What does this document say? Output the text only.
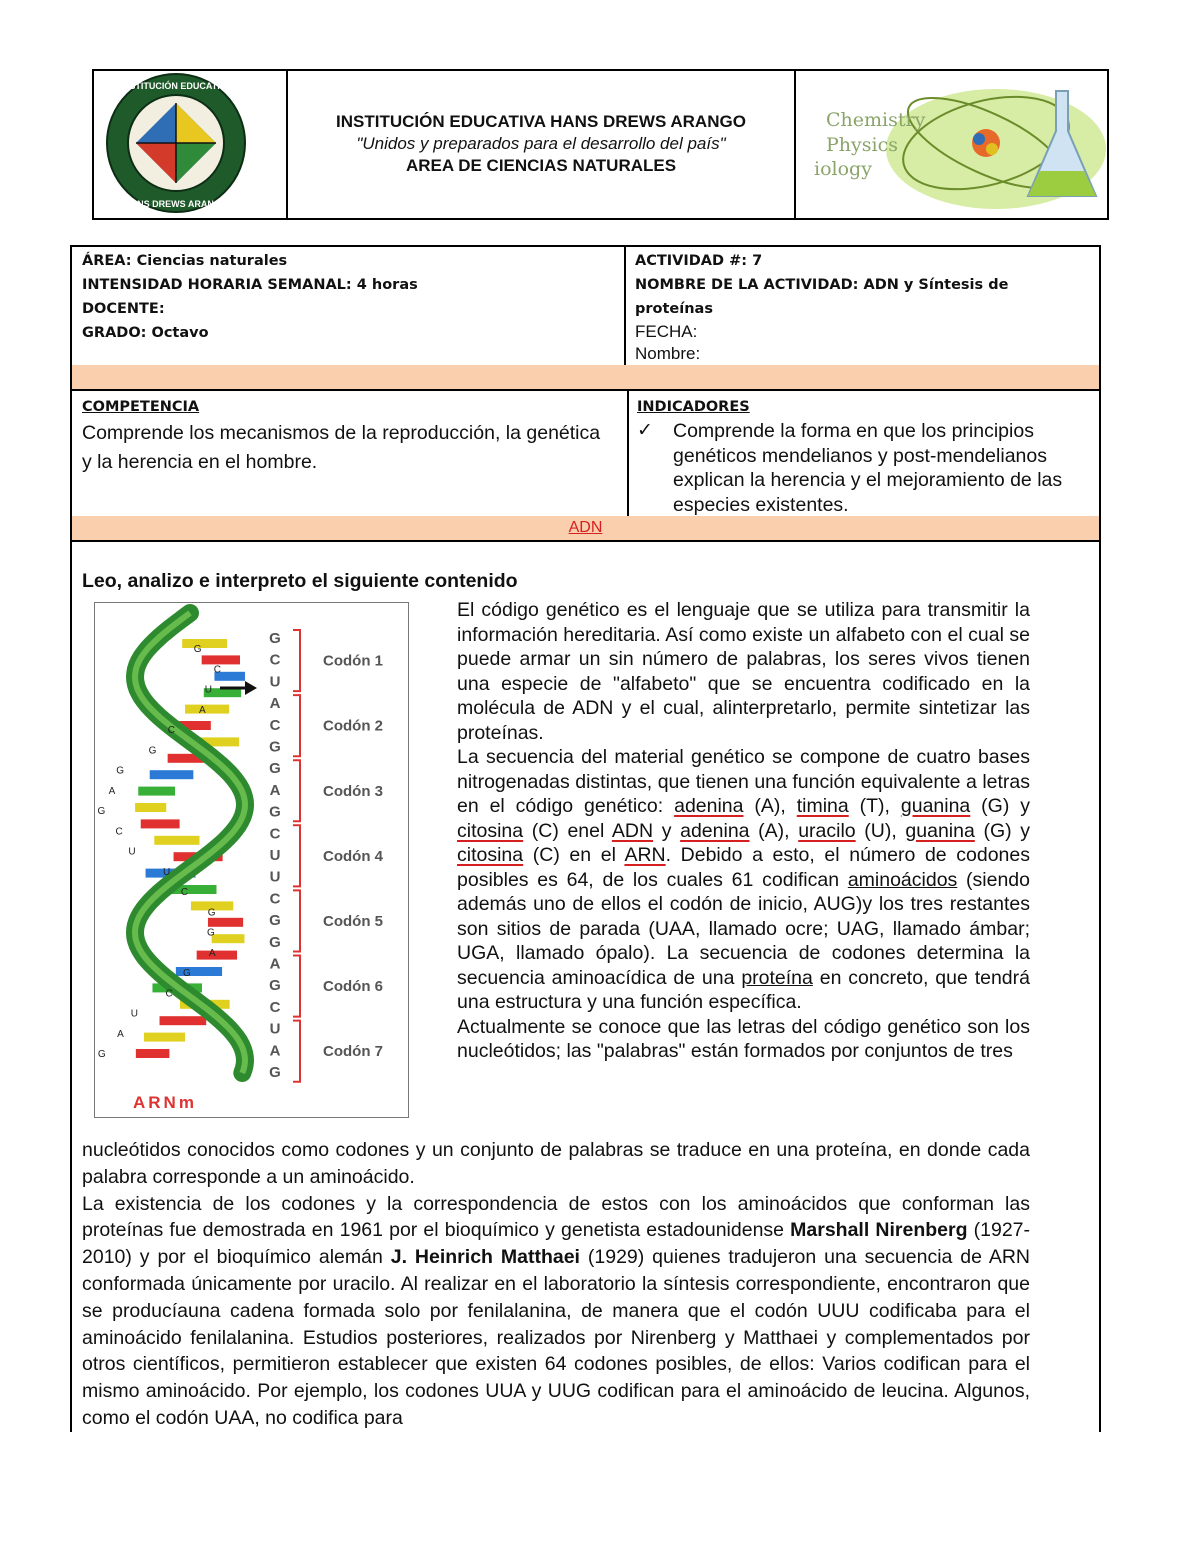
INSTITUCIÓN EDUCATIVA
HANS DREWS ARANGO
INSTITUCIÓN EDUCATIVA HANS DREWS ARANGO
"Unidos y preparados para el desarrollo del país"
AREA DE CIENCIAS NATURALES
Chemistry
Physics
iology
ÁREA: Ciencias naturales
INTENSIDAD HORARIA SEMANAL: 4 horas
DOCENTE:
GRADO: Octavo
ACTIVIDAD #: 7
NOMBRE DE LA ACTIVIDAD: ADN y Síntesis de
proteínas
FECHA:
Nombre:
COMPETENCIA
Comprende los mecanismos de la reproducción, la genética y la herencia en el hombre.
INDICADORES
✓ Comprende la forma en que los principios genéticos mendelianos y post-mendelianos explican la herencia y el mejoramiento de las especies existentes.
ADN
Leo, analizo e interpreto el siguiente contenido
G
C
U
A
C
G
G
A
G
C
U
U
C
G
G
A
G
C
U
A
G
G
C
U
A
C
G
G
A
G
C
U
U
C
G
G
A
G
C
U
A
G
Codón 1
Codón 2
Codón 3
Codón 4
Codón 5
Codón 6
Codón 7
ARNm

El código genético es el lenguaje que se utiliza para transmitir la información hereditaria. Así como existe un alfabeto con el cual se puede armar un sin número de palabras, los seres vivos tienen una especie de "alfabeto" que se encuentra codificado en la molécula de ADN y el cual, alinterpretarlo, permite sintetizar las proteínas.

La secuencia del material genético se compone de cuatro bases nitrogenadas distintas, que tienen una función equivalente a letras en el código genético: adenina (A), timina (T), guanina (G) y citosina (C) enel ADN y adenina (A), uracilo (U), guanina (G) y citosina (C) en el ARN. Debido a esto, el número de codones posibles es 64, de los cuales 61 codifican aminoácidos (siendo además uno de ellos el codón de inicio, AUG)y los tres restantes son sitios de parada (UAA, llamado ocre; UAG, llamado ámbar; UGA, llamado ópalo). La secuencia de codones determina la secuencia aminoacídica de una proteína en concreto, que tendrá una estructura y una función específica.

Actualmente se conoce que las letras del código genético son los nucleótidos; las "palabras" están formados por conjuntos de tres

nucleótidos conocidos como codones y un conjunto de palabras se traduce en una proteína, en donde cada palabra corresponde a un aminoácido.

La existencia de los codones y la correspondencia de estos con los aminoácidos que conforman las proteínas fue demostrada en 1961 por el bioquímico y genetista estadounidense Marshall Nirenberg (1927-2010) y por el bioquímico alemán J. Heinrich Matthaei (1929) quienes tradujeron una secuencia de ARN conformada únicamente por uracilo. Al realizar en el laboratorio la síntesis correspondiente, encontraron que se producíauna cadena formada solo por fenilalanina, de manera que el codón UUU codificaba para el aminoácido fenilalanina. Estudios posteriores, realizados por Nirenberg y Matthaei y complementados por otros científicos, permitieron establecer que existen 64 codones posibles, de ellos: Varios codifican para el mismo aminoácido. Por ejemplo, los codones UUA y UUG codifican para el aminoácido de leucina. Algunos, como el codón UAA, no codifica para
